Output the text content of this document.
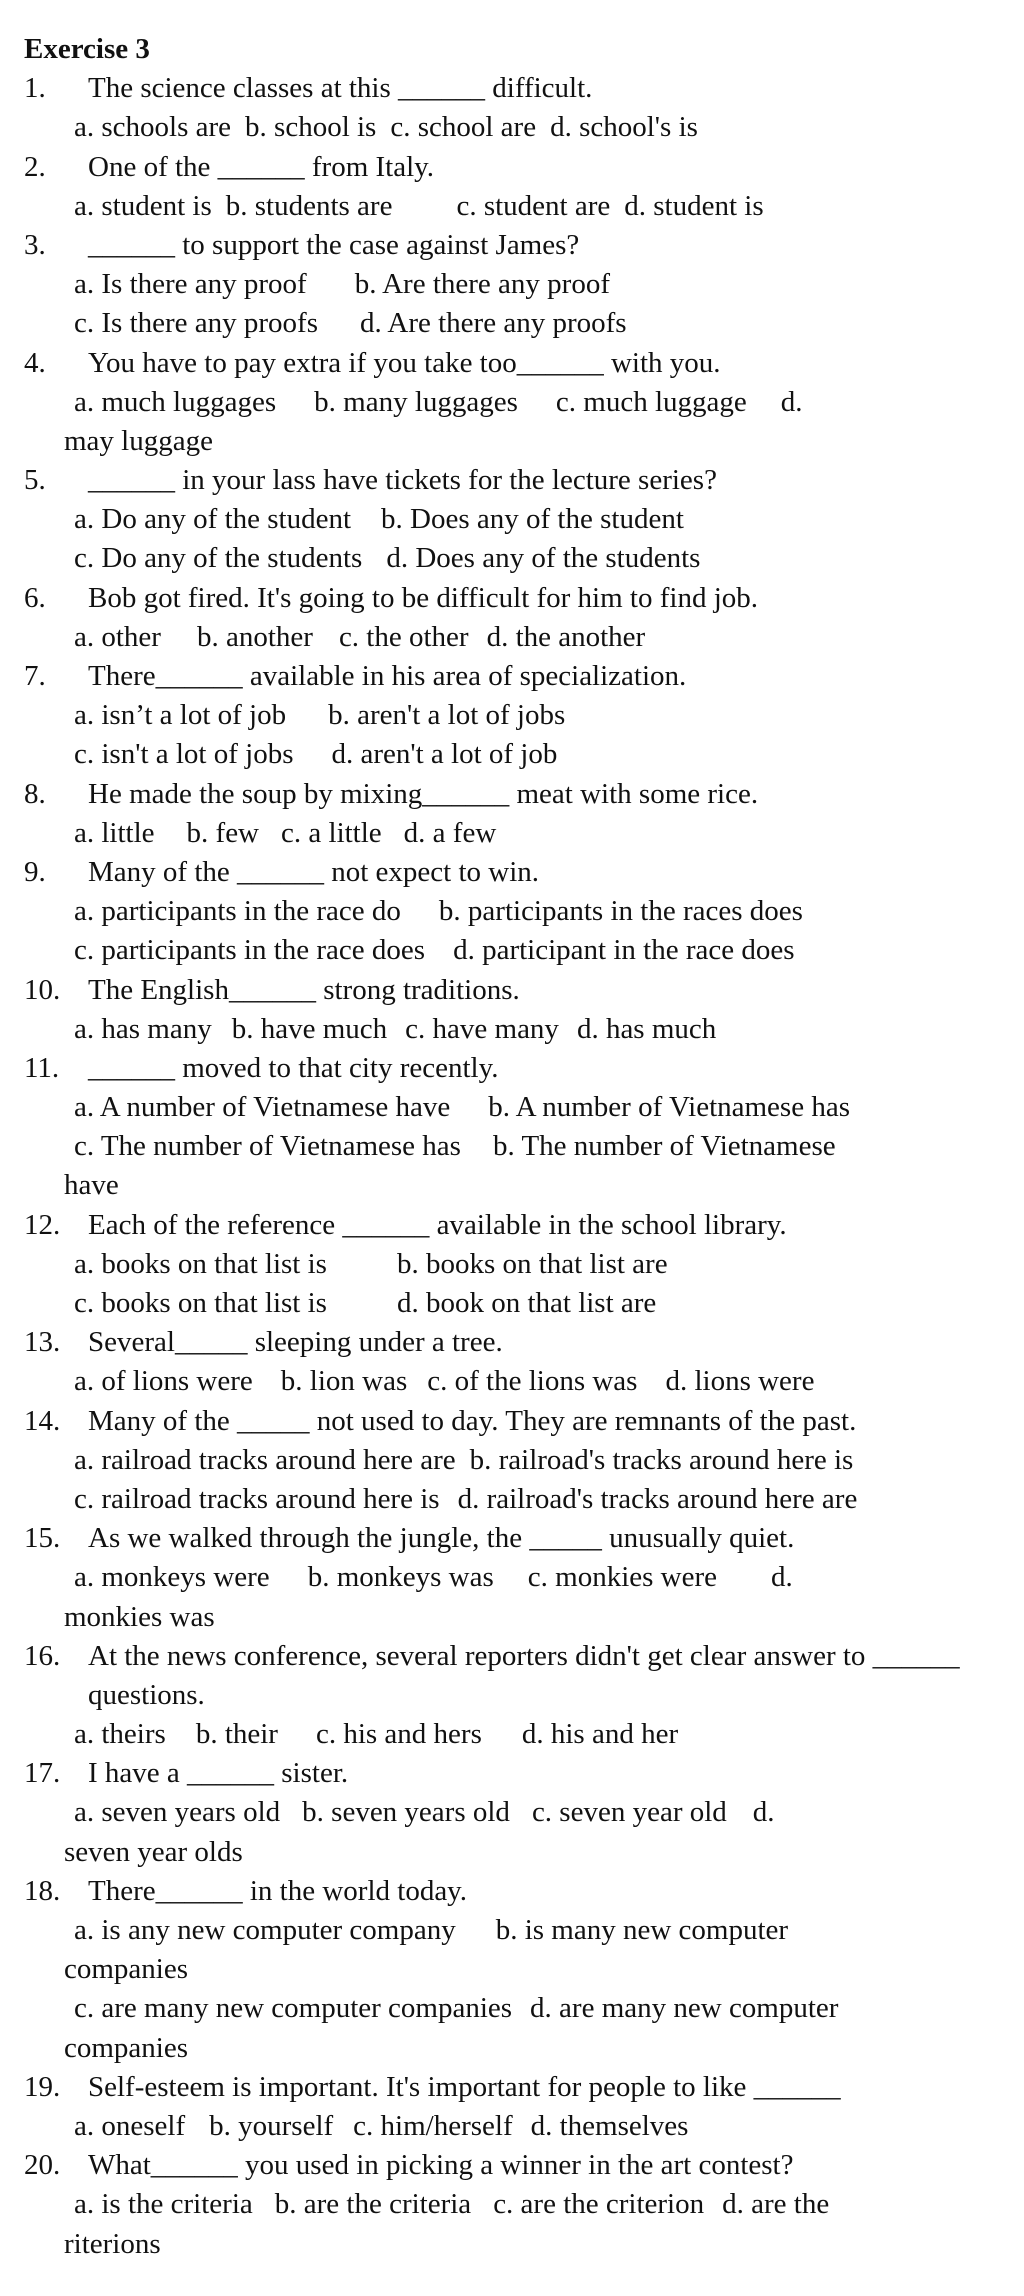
Exercise 3
1. The science classes at this ______ difficult.
a. schools are b. school is c. school are d. school's is
2. One of the ______ from Italy.
a. student is b. students are c. student are d. student is
3. ______ to support the case against James?
a. Is there any proof b. Are there any proof
c. Is there any proofs d. Are there any proofs
4. You have to pay extra if you take too______ with you.
a. much luggages b. many luggages c. much luggage d.
may luggage
5. ______ in your lass have tickets for the lecture series?
a. Do any of the student b. Does any of the student
c. Do any of the students d. Does any of the students
6. Bob got fired. It's going to be difficult for him to find job.
a. other b. another c. the other d. the another
7. There______ available in his area of specialization.
a. isn’t a lot of job b. aren't a lot of jobs
c. isn't a lot of jobs d. aren't a lot of job
8. He made the soup by mixing______ meat with some rice.
a. little b. few c. a little d. a few
9. Many of the ______ not expect to win.
a. participants in the race do b. participants in the races does
c. participants in the race does d. participant in the race does
10. The English______ strong traditions.
a. has many b. have much c. have many d. has much
11. ______ moved to that city recently.
a. A number of Vietnamese have b. A number of Vietnamese has
c. The number of Vietnamese has b. The number of Vietnamese
have
12. Each of the reference ______ available in the school library.
a. books on that list is b. books on that list are
c. books on that list is d. book on that list are
13. Several_____ sleeping under a tree.
a. of lions were b. lion was c. of the lions was d. lions were
14. Many of the _____ not used to day. They are remnants of the past.
a. railroad tracks around here are b. railroad's tracks around here is
c. railroad tracks around here is d. railroad's tracks around here are
15. As we walked through the jungle, the _____ unusually quiet.
a. monkeys were b. monkeys was c. monkies were d.
monkies was
16. At the news conference, several reporters didn't get clear answer to ______ questions.
a. theirs b. their c. his and hers d. his and her
17. I have a ______ sister.
a. seven years old b. seven years old c. seven year old d.
seven year olds
18. There______ in the world today.
a. is any new computer company b. is many new computer
companies
c. are many new computer companies d. are many new computer
companies
19. Self-esteem is important. It's important for people to like ______
a. oneself b. yourself c. him/herself d. themselves
20. What______ you used in picking a winner in the art contest?
a. is the criteria b. are the criteria c. are the criterion d. are the
riterions
